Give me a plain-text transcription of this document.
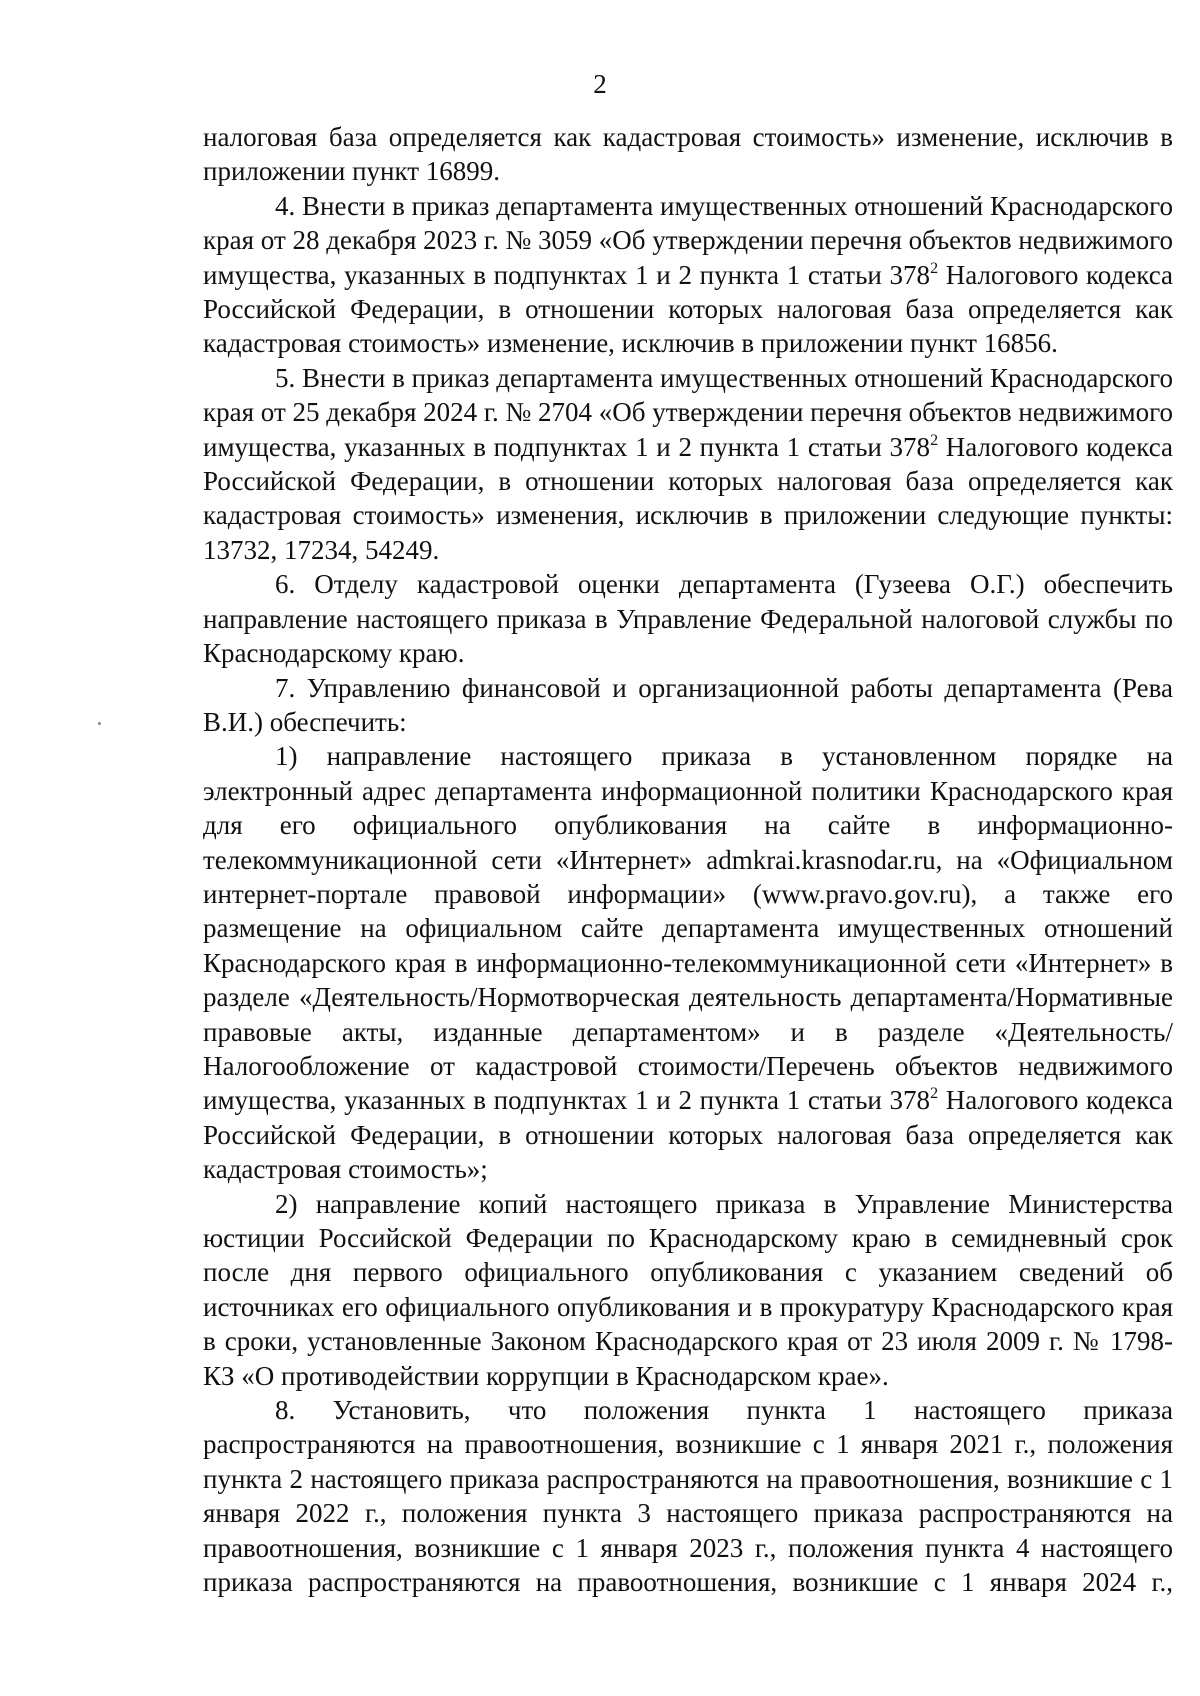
2

налоговая база определяется как кадастровая стоимость» изменение, исключив в приложении пункт 16899.

4. Внести в приказ департамента имущественных отношений Краснодарского края от 28 декабря 2023 г. № 3059 «Об утверждении перечня объектов недвижимого имущества, указанных в подпунктах 1 и 2 пункта 1 статьи $378^2$ Налогового кодекса Российской Федерации, в отношении которых налоговая база определяется как кадастровая стоимость» изменение, исключив в приложении пункт 16856.

5. Внести в приказ департамента имущественных отношений Краснодарского края от 25 декабря 2024 г. № 2704 «Об утверждении перечня объектов недвижимого имущества, указанных в подпунктах 1 и 2 пункта 1 статьи $378^2$ Налогового кодекса Российской Федерации, в отношении которых налоговая база определяется как кадастровая стоимость» изменения, исключив в приложении следующие пункты: 13732, 17234, 54249.

6. Отделу кадастровой оценки департамента (Гузеева О.Г.) обеспечить направление настоящего приказа в Управление Федеральной налоговой службы по Краснодарскому краю.

7. Управлению финансовой и организационной работы департамента (Рева В.И.) обеспечить:

1) направление настоящего приказа в установленном порядке на электронный адрес департамента информационной политики Краснодарского края для его официального опубликования на сайте в информационно-телекоммуникационной сети «Интернет» admkrai.krasnodar.ru, на «Официальном интернет-портале правовой информации» (www.pravo.gov.ru), а также его размещение на официальном сайте департамента имущественных отношений Краснодарского края в информационно-телекоммуникационной сети «Интернет» в разделе «Деятельность/Нормотворческая деятельность департамента/Нормативные правовые акты, изданные департаментом» и в разделе «Деятельность/ Налогообложение от кадастровой стоимости/Перечень объектов недвижимого имущества, указанных в подпунктах 1 и 2 пункта 1 статьи $378^2$ Налогового кодекса Российской Федерации, в отношении которых налоговая база определяется как кадастровая стоимость»;

2) направление копий настоящего приказа в Управление Министерства юстиции Российской Федерации по Краснодарскому краю в семидневный срок после дня первого официального опубликования с указанием сведений об источниках его официального опубликования и в прокуратуру Краснодарского края в сроки, установленные Законом Краснодарского края от 23 июля 2009 г. № 1798-КЗ «О противодействии коррупции в Краснодарском крае».

8. Установить, что положения пункта 1 настоящего приказа распространяются на правоотношения, возникшие с 1 января 2021 г., положения пункта 2 настоящего приказа распространяются на правоотношения, возникшие с 1 января 2022 г., положения пункта 3 настоящего приказа распространяются на правоотношения, возникшие с 1 января 2023 г., положения пункта 4 настоящего приказа распространяются на правоотношения, возникшие с 1 января 2024 г.,
